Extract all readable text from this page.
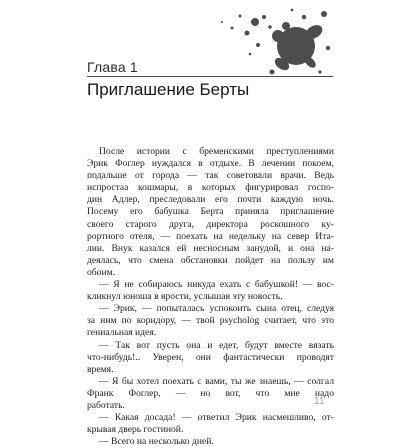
Глава 1
Приглашение Берты
После истории с бременскими преступлениями
Эрик Фоглер нуждался в отдыхе. В лечении покоем,
подальше от города — так советовали врачи. Ведь
испростаа кошмары, в которых фигурировал госпо-
дин Адлер, преследовали его почти каждую ночь.
Посему его бабушка Берта приняла приглашение
своего старого друга, директора роскошного ку-
рортного отеля, — поехать на недельку на север Ита-
лии. Внук казался ей несносным занудой, и она на-
деялась, что смена обстановки пойдет на пользу им
обоим.
— Я не собираюсь никуда ехать с бабушкой! — вос-
кликнул юноша в ярости, услышав эту новость.
— Эрик, — попыталась успокоить сына отец, следуя
за ним по коридору, — твой psycholog считает, что это
гениальная идея.
— Так вот пусть она и едет, будут вместе вязать
что-нибудь!.. Уверен, они фантастически проводят
время.
— Я бы хотел поехать с вами, ты же знаешь, — солгал
Франк Фоглер, — но вот, что мне надо
работать.
— Какая досада! — ответил Эрик насмешливо, от-
крывая дверь гостиной.
— Всего на несколько дней.
11
